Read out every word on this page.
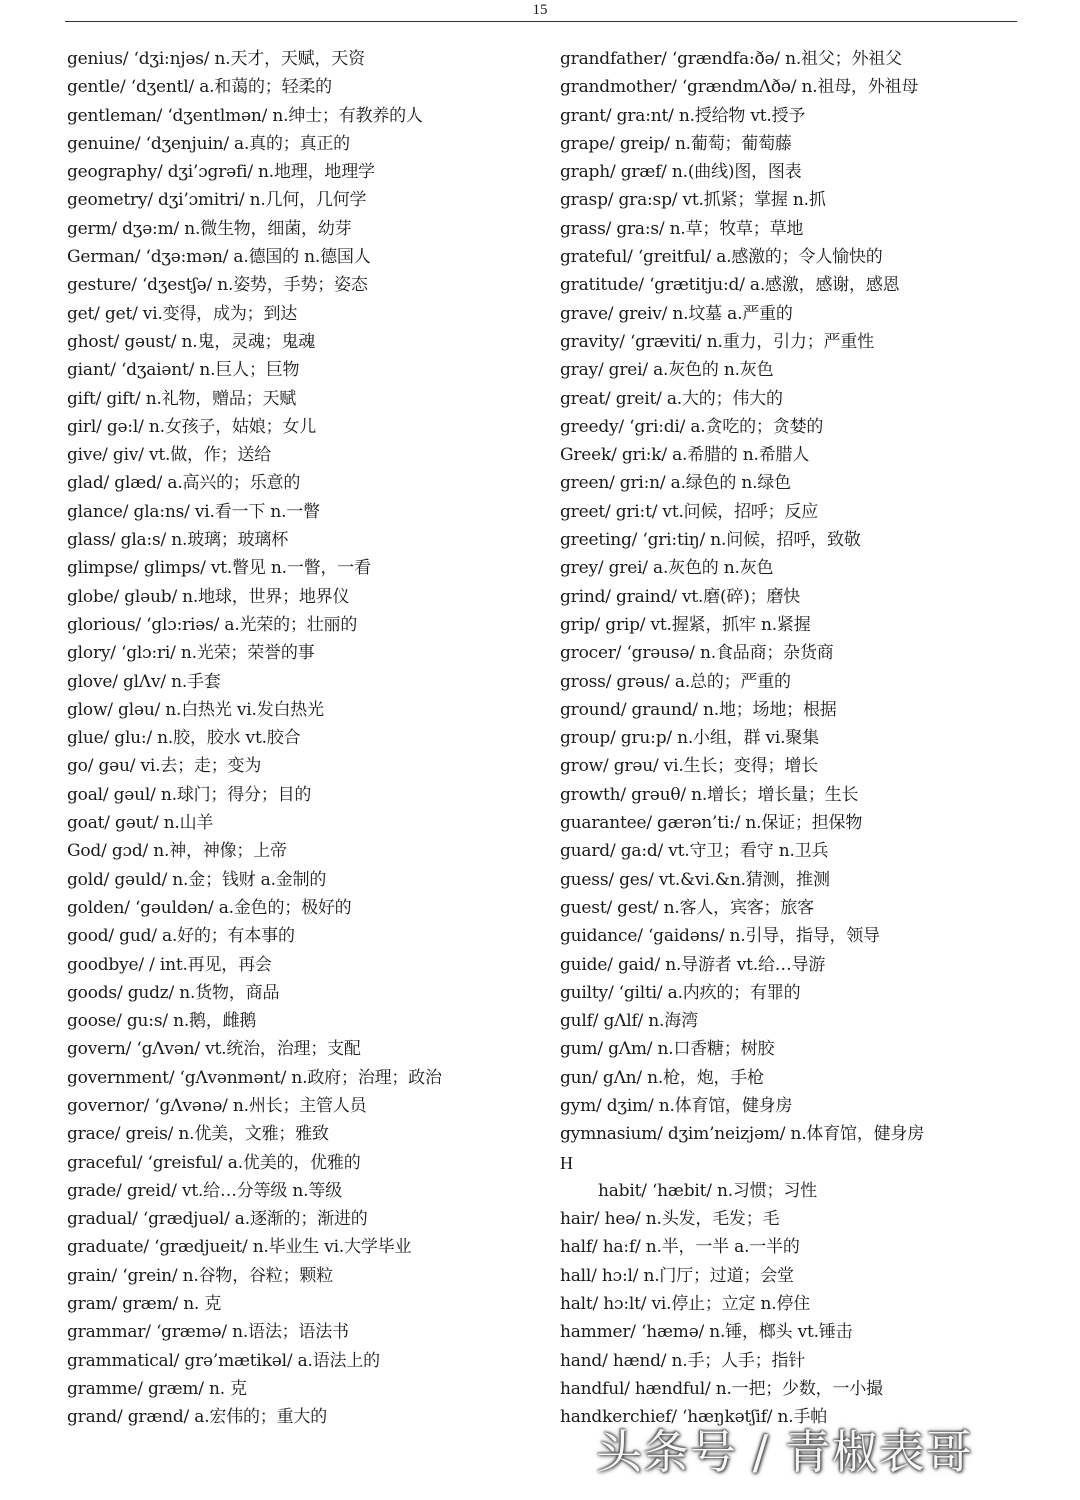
15
genius/ ‘dʒi:njəs/ n.天才，天赋，天资
gentle/ ‘dʒentl/ a.和蔼的；轻柔的
gentleman/ ‘dʒentlmən/ n.绅士；有教养的人
genuine/ ‘dʒenjuin/ a.真的；真正的
geography/ dʒi’ɔgrəfi/ n.地理，地理学
geometry/ dʒi’ɔmitri/ n.几何，几何学
germ/ dʒə:m/ n.微生物，细菌，幼芽
German/ ‘dʒə:mən/ a.德国的 n.德国人
gesture/ ‘dʒestʃə/ n.姿势，手势；姿态
get/ get/ vi.变得，成为；到达
ghost/ gəust/ n.鬼，灵魂；鬼魂
giant/ ‘dʒaiənt/ n.巨人；巨物
gift/ gift/ n.礼物，赠品；天赋
girl/ gə:l/ n.女孩子，姑娘；女儿
give/ giv/ vt.做，作；送给
glad/ glæd/ a.高兴的；乐意的
glance/ gla:ns/ vi.看一下 n.一瞥
glass/ gla:s/ n.玻璃；玻璃杯
glimpse/ glimps/ vt.瞥见 n.一瞥，一看
globe/ gləub/ n.地球，世界；地界仪
glorious/ ‘glɔ:riəs/ a.光荣的；壮丽的
glory/ ‘glɔ:ri/ n.光荣；荣誉的事
glove/ glΛv/ n.手套
glow/ gləu/ n.白热光 vi.发白热光
glue/ glu:/ n.胶，胶水 vt.胶合
go/ gəu/ vi.去；走；变为
goal/ gəul/ n.球门；得分；目的
goat/ gəut/ n.山羊
God/ gɔd/ n.神，神像；上帝
gold/ gəuld/ n.金；钱财 a.金制的
golden/ ‘gəuldən/ a.金色的；极好的
good/ gud/ a.好的；有本事的
goodbye/ / int.再见，再会
goods/ gudz/ n.货物，商品
goose/ gu:s/ n.鹅，雌鹅
govern/ ‘gΛvən/ vt.统治，治理；支配
government/ ‘gΛvənmənt/ n.政府；治理；政治
governor/ ‘gΛvənə/ n.州长；主管人员
grace/ greis/ n.优美，文雅；雅致
graceful/ ‘greisful/ a.优美的，优雅的
grade/ greid/ vt.给…分等级 n.等级
gradual/ ‘grædjuəl/ a.逐渐的；渐进的
graduate/ ‘grædjueit/ n.毕业生 vi.大学毕业
grain/ ‘grein/ n.谷物，谷粒；颗粒
gram/ græm/ n. 克
grammar/ ‘græmə/ n.语法；语法书
grammatical/ grə’mætikəl/ a.语法上的
gramme/ græm/ n. 克
grand/ grænd/ a.宏伟的；重大的
grandfather/ ‘grændfa:ðə/ n.祖父；外祖父
grandmother/ ‘grændmΛðə/ n.祖母，外祖母
grant/ gra:nt/ n.授给物 vt.授予
grape/ greip/ n.葡萄；葡萄藤
graph/ græf/ n.(曲线)图，图表
grasp/ gra:sp/ vt.抓紧；掌握 n.抓
grass/ gra:s/ n.草；牧草；草地
grateful/ ‘greitful/ a.感激的；令人愉快的
gratitude/ ‘grætitju:d/ a.感激，感谢，感恩
grave/ greiv/ n.坟墓 a.严重的
gravity/ ‘græviti/ n.重力，引力；严重性
gray/ grei/ a.灰色的 n.灰色
great/ greit/ a.大的；伟大的
greedy/ ‘gri:di/ a.贪吃的；贪婪的
Greek/ gri:k/ a.希腊的 n.希腊人
green/ gri:n/ a.绿色的 n.绿色
greet/ gri:t/ vt.问候，招呼；反应
greeting/ ‘gri:tiŋ/ n.问候，招呼，致敬
grey/ grei/ a.灰色的 n.灰色
grind/ graind/ vt.磨(碎)；磨快
grip/ grip/ vt.握紧，抓牢 n.紧握
grocer/ ‘grəusə/ n.食品商；杂货商
gross/ grəus/ a.总的；严重的
ground/ graund/ n.地；场地；根据
group/ gru:p/ n.小组，群 vi.聚集
grow/ grəu/ vi.生长；变得；增长
growth/ grəuθ/ n.增长；增长量；生长
guarantee/ gærən’ti:/ n.保证；担保物
guard/ ga:d/ vt.守卫；看守 n.卫兵
guess/ ges/ vt.&vi.&n.猜测，推测
guest/ gest/ n.客人，宾客；旅客
guidance/ ‘gaidəns/ n.引导，指导，领导
guide/ gaid/ n.导游者 vt.给…导游
guilty/ ‘gilti/ a.内疚的；有罪的
gulf/ gΛlf/ n.海湾
gum/ gΛm/ n.口香糖；树胶
gun/ gΛn/ n.枪，炮，手枪
gym/ dʒim/ n.体育馆，健身房
gymnasium/ dʒim’neizjəm/ n.体育馆，健身房
H
habit/ ‘hæbit/ n.习惯；习性
hair/ heə/ n.头发，毛发；毛
half/ ha:f/ n.半，一半 a.一半的
hall/ hɔ:l/ n.门厅；过道；会堂
halt/ hɔ:lt/ vi.停止；立定 n.停住
hammer/ ‘hæmə/ n.锤，榔头 vt.锤击
hand/ hænd/ n.手；人手；指针
handful/ hændful/ n.一把；少数，一小撮
handkerchief/ ‘hæŋkətʃif/ n.手帕
头条号 / 青椒表哥
